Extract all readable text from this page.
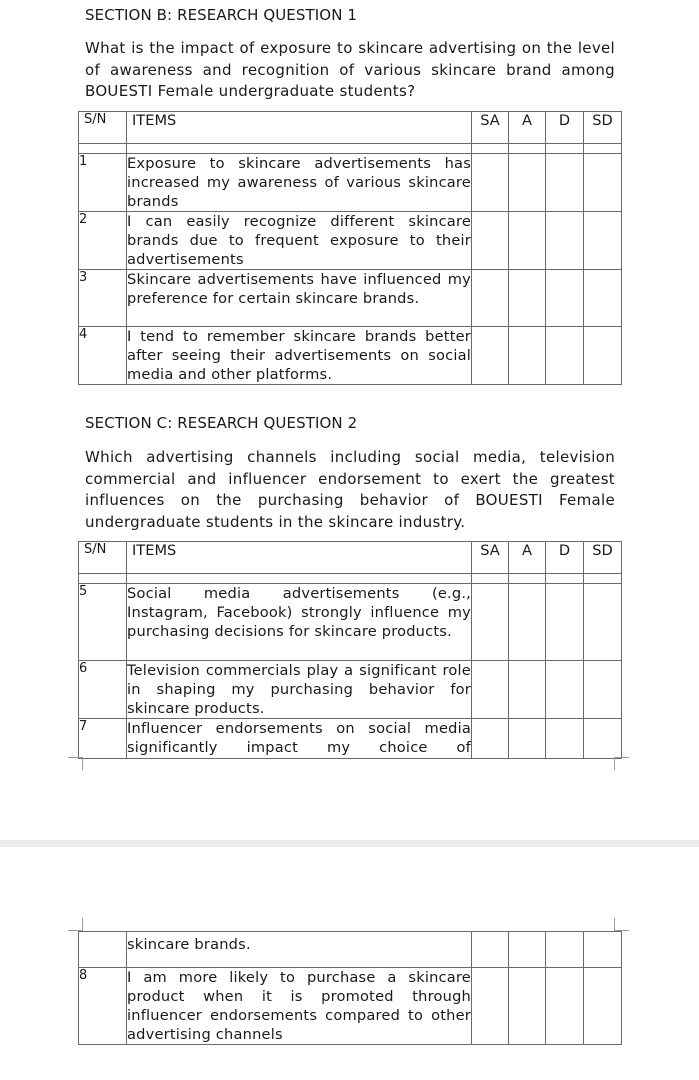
SECTION B: RESEARCH QUESTION 1
What is the impact of exposure to skincare advertising on the level of awareness and recognition of various skincare brand among BOUESTI Female undergraduate students?
S/N	ITEMS	SA	A	D	SD

1	Exposure to skincare advertisements has increased my awareness of various skincare brands				

2	I can easily recognize different skincare brands due to frequent exposure to their advertisements				

3	Skincare advertisements have influenced my preference for certain skincare brands.				

4	I tend to remember skincare brands better after seeing their advertisements on social media and other platforms.				

SECTION C: RESEARCH QUESTION 2
Which advertising channels including social media, television commercial and influencer endorsement to exert the greatest influences on the purchasing behavior of BOUESTI Female undergraduate students in the skincare industry.
S/N	ITEMS	SA	A	D	SD

5	Social media advertisements (e.g., Instagram, Facebook) strongly influence my purchasing decisions for skincare products.				

6	Television commercials play a significant role in shaping my purchasing behavior for skincare products.				

7	Influencer endorsements on social media significantly impact my choice of				

	skincare brands.				

8	I am more likely to purchase a skincare product when it is promoted through influencer endorsements compared to other advertising channels				
